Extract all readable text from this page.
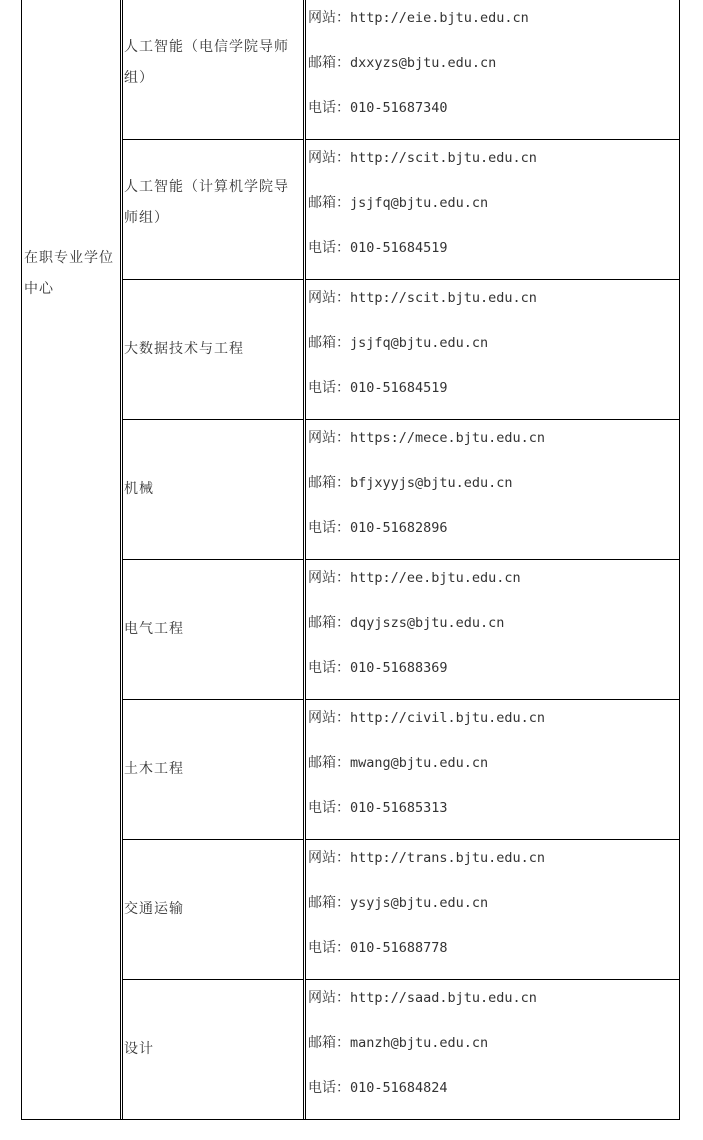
在职专业学位中心
人工智能（电信学院导师组）
网站：http://eie.bjtu.edu.cn
邮箱：dxxyzs@bjtu.edu.cn
电话：010-51687340
人工智能（计算机学院导师组）
网站：http://scit.bjtu.edu.cn
邮箱：jsjfq@bjtu.edu.cn
电话：010-51684519
大数据技术与工程
网站：http://scit.bjtu.edu.cn
邮箱：jsjfq@bjtu.edu.cn
电话：010-51684519
机械
网站：https://mece.bjtu.edu.cn
邮箱：bfjxyyjs@bjtu.edu.cn
电话：010-51682896
电气工程
网站：http://ee.bjtu.edu.cn
邮箱：dqyjszs@bjtu.edu.cn
电话：010-51688369
土木工程
网站：http://civil.bjtu.edu.cn
邮箱：mwang@bjtu.edu.cn
电话：010-51685313
交通运输
网站：http://trans.bjtu.edu.cn
邮箱：ysyjs@bjtu.edu.cn
电话：010-51688778
设计
网站：http://saad.bjtu.edu.cn
邮箱：manzh@bjtu.edu.cn
电话：010-51684824
